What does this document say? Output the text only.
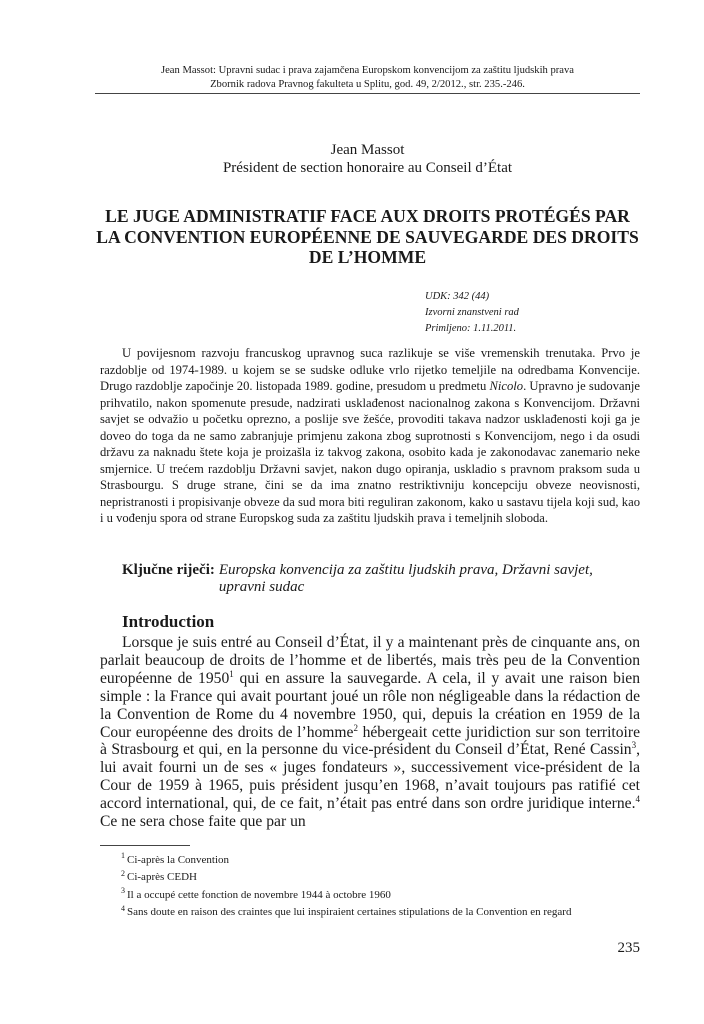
Jean Massot: Upravni sudac i prava zajamčena Europskom konvencijom za zaštitu ljudskih prava
Zbornik radova Pravnog fakulteta u Splitu, god. 49, 2/2012., str. 235.-246.
Jean Massot
Président de section honoraire au Conseil d’État
LE JUGE ADMINISTRATIF FACE AUX DROITS PROTÉGÉS PAR LA CONVENTION EUROPÉENNE DE SAUVEGARDE DES DROITS DE L’HOMME
UDK: 342 (44)
Izvorni znanstveni rad
Primljeno: 1.11.2011.

U povijesnom razvoju francuskog upravnog suca razlikuje se više vremenskih trenutaka. Prvo je razdoblje od 1974-1989. u kojem se se sudske odluke vrlo rijetko temeljile na odredbama Konvencije. Drugo razdoblje započinje 20. listopada 1989. godine, presudom u predmetu Nicolo. Upravno je sudovanje prihvatilo, nakon spomenute presude, nadzirati usklađenost nacionalnog zakona s Konvencijom. Državni savjet se odvažio u početku oprezno, a poslije sve žešće, provoditi takava nadzor usklađenosti koji ga je doveo do toga da ne samo zabranjuje primjenu zakona zbog suprotnosti s Konvencijom, nego i da osudi državu za naknadu štete koja je proizašla iz takvog zakona, osobito kada je zakonodavac zanemario neke smjernice. U trećem razdoblju Državni savjet, nakon dugo opiranja, uskladio s pravnom praksom suda u Strasbourgu. S druge strane, čini se da ima znatno restriktivniju koncepciju obveze neovisnosti, nepristranosti i propisivanje obveze da sud mora biti reguliran zakonom, kako u sastavu tijela koji sud, kao i u vođenju spora od strane Europskog suda za zaštitu ljudskih prava i temeljnih sloboda.

Ključne riječi: Europska konvencija za zaštitu ljudskih prava, Državni savjet, upravni sudac
Introduction

Lorsque je suis entré au Conseil d’État, il y a maintenant près de cinquante ans, on parlait beaucoup de droits de l’homme et de libertés, mais très peu de la Convention européenne de 1950$^1$ qui en assure la sauvegarde. A cela, il y avait une raison bien simple : la France qui avait pourtant joué un rôle non négligeable dans la rédaction de la Convention de Rome du 4 novembre 1950, qui, depuis la création en 1959 de la Cour européenne des droits de l’homme$^2$ hébergeait cette juridiction sur son territoire à Strasbourg et qui, en la personne du vice-président du Conseil d’État, René Cassin$^3$, lui avait fourni un de ses « juges fondateurs », successivement vice-président de la Cour de 1959 à 1965, puis président jusqu’en 1968, n’avait toujours pas ratifié cet accord international, qui, de ce fait, n’était pas entré dans son ordre juridique interne.$^4$ Ce ne sera chose faite que par un

$^1$ Ci-après la Convention
$^2$ Ci-après CEDH
$^3$ Il a occupé cette fonction de novembre 1944 à octobre 1960
$^4$ Sans doute en raison des craintes que lui inspiraient certaines stipulations de la Convention en regard
235
